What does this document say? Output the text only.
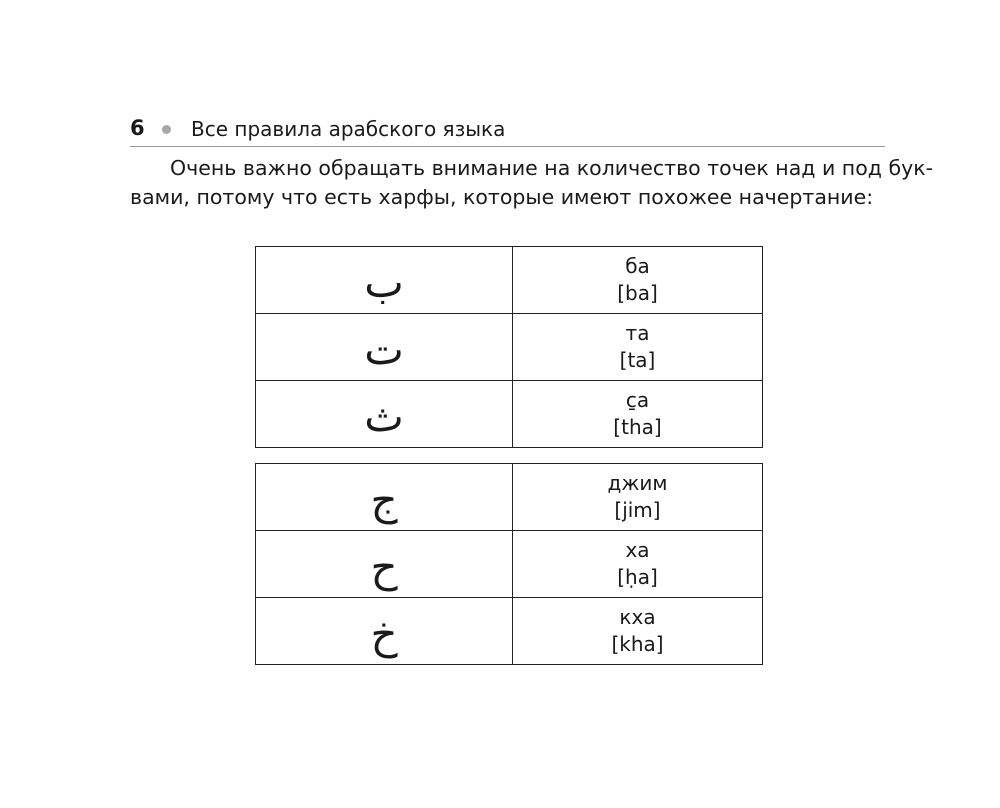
6 Все правила арабского языка

Очень важно обращать внимание на количество точек над и под бук-
вами, потому что есть харфы, которые имеют похожее начертание:

ب	ба
[ba]

ت	та
[ta]

ث	с̱а
[tha]
ج	джим
[jim]

ح	ха
[ḥa]

خ	кха
[kha]
